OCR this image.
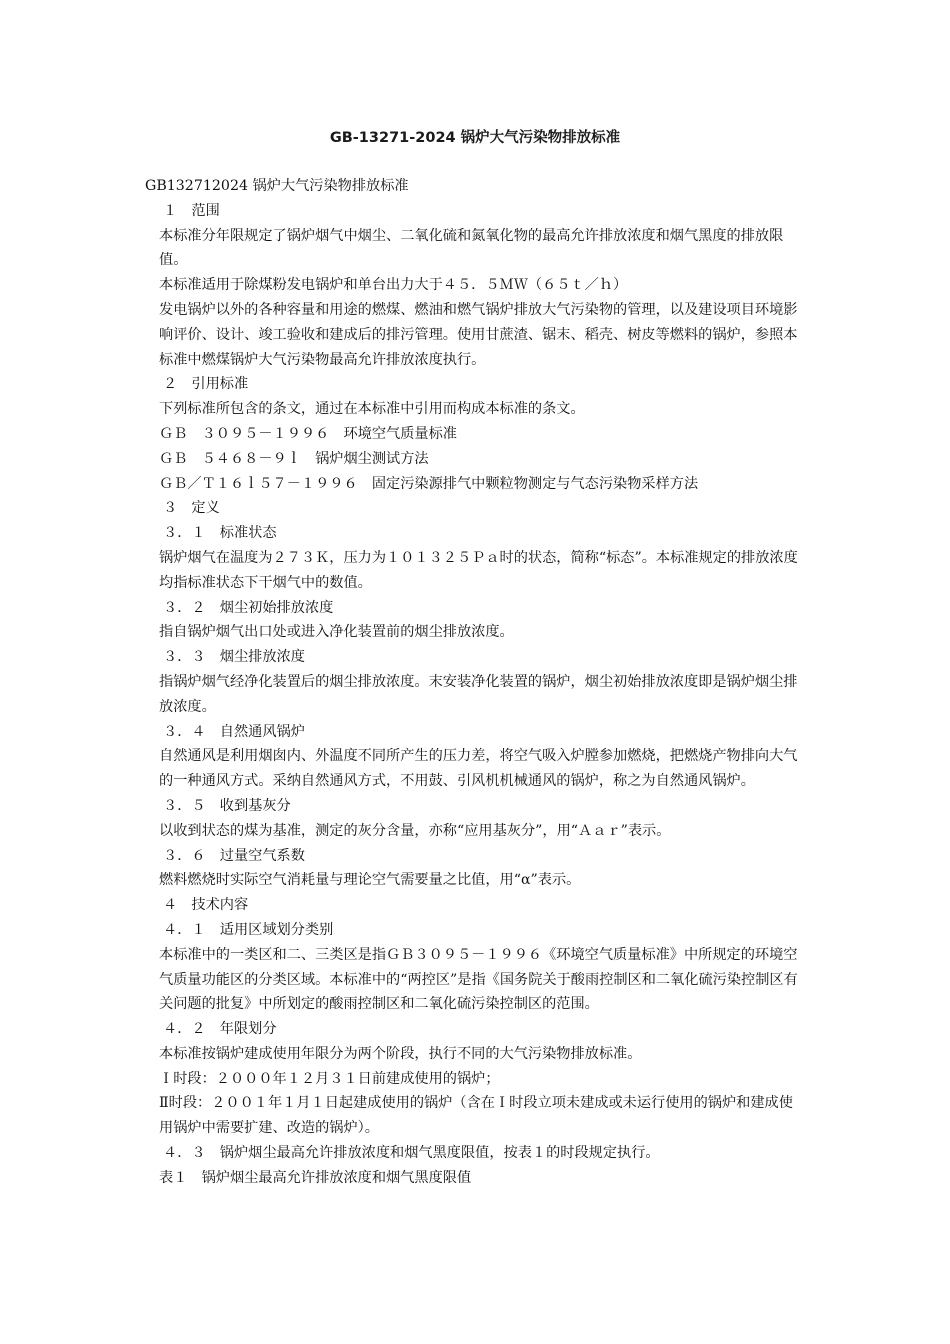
GB-13271-2024 锅炉大气污染物排放标准

GB132712024 锅炉大气污染物排放标准

１　范围

本标准分年限规定了锅炉烟气中烟尘、二氧化硫和氮氧化物的最高允许排放浓度和烟气黑度的排放限值。

本标准适用于除煤粉发电锅炉和单台出力大于４５．５ＭＷ（６５ｔ／ｈ）

发电锅炉以外的各种容量和用途的燃煤、燃油和燃气锅炉排放大气污染物的管理，以及建设项目环境影响评价、设计、竣工验收和建成后的排污管理。使用甘蔗渣、锯末、稻壳、树皮等燃料的锅炉，参照本标准中燃煤锅炉大气污染物最高允许排放浓度执行。

２　引用标准

下列标准所包含的条文，通过在本标准中引用而构成本标准的条文。

ＧＢ　３０９５－１９９６　环境空气质量标准

ＧＢ　５４６８－９ｌ　锅炉烟尘测试方法

ＧＢ／Ｔ１６ｌ５７－１９９６　固定污染源排气中颗粒物测定与气态污染物采样方法

３　定义

３．１　标准状态

锅炉烟气在温度为２７３Ｋ，压力为１０１３２５Ｐａ时的状态，简称“标态”。本标准规定的排放浓度均指标准状态下干烟气中的数值。

３．２　烟尘初始排放浓度

指自锅炉烟气出口处或进入净化装置前的烟尘排放浓度。

３．３　烟尘排放浓度

指锅炉烟气经净化装置后的烟尘排放浓度。末安装净化装置的锅炉，烟尘初始排放浓度即是锅炉烟尘排放浓度。

３．４　自然通风锅炉

自然通风是利用烟囱内、外温度不同所产生的压力差，将空气吸入炉膛参加燃烧，把燃烧产物排向大气的一种通风方式。采纳自然通风方式，不用鼓、引风机机械通风的锅炉，称之为自然通风锅炉。

３．５　收到基灰分

以收到状态的煤为基准，测定的灰分含量，亦称“应用基灰分”，用“Ａａｒ”表示。

３．６　过量空气系数

燃料燃烧时实际空气消耗量与理论空气需要量之比值，用“α”表示。

４　技术内容

４．１　适用区域划分类别

本标准中的一类区和二、三类区是指ＧＢ３０９５－１９９６《环境空气质量标准》中所规定的环境空气质量功能区的分类区域。本标准中的“两控区”是指《国务院关于酸雨控制区和二氧化硫污染控制区有关问题的批复》中所划定的酸雨控制区和二氧化硫污染控制区的范围。

４．２　年限划分

本标准按锅炉建成使用年限分为两个阶段，执行不同的大气污染物排放标准。

Ｉ时段：２０００年１２月３１日前建成使用的锅炉；

Ⅱ时段：２００１年１月１日起建成使用的锅炉（含在Ｉ时段立项未建成或未运行使用的锅炉和建成使用锅炉中需要扩建、改造的锅炉）。

４．３　锅炉烟尘最高允许排放浓度和烟气黑度限值，按表１的时段规定执行。

表１　锅炉烟尘最高允许排放浓度和烟气黑度限值
